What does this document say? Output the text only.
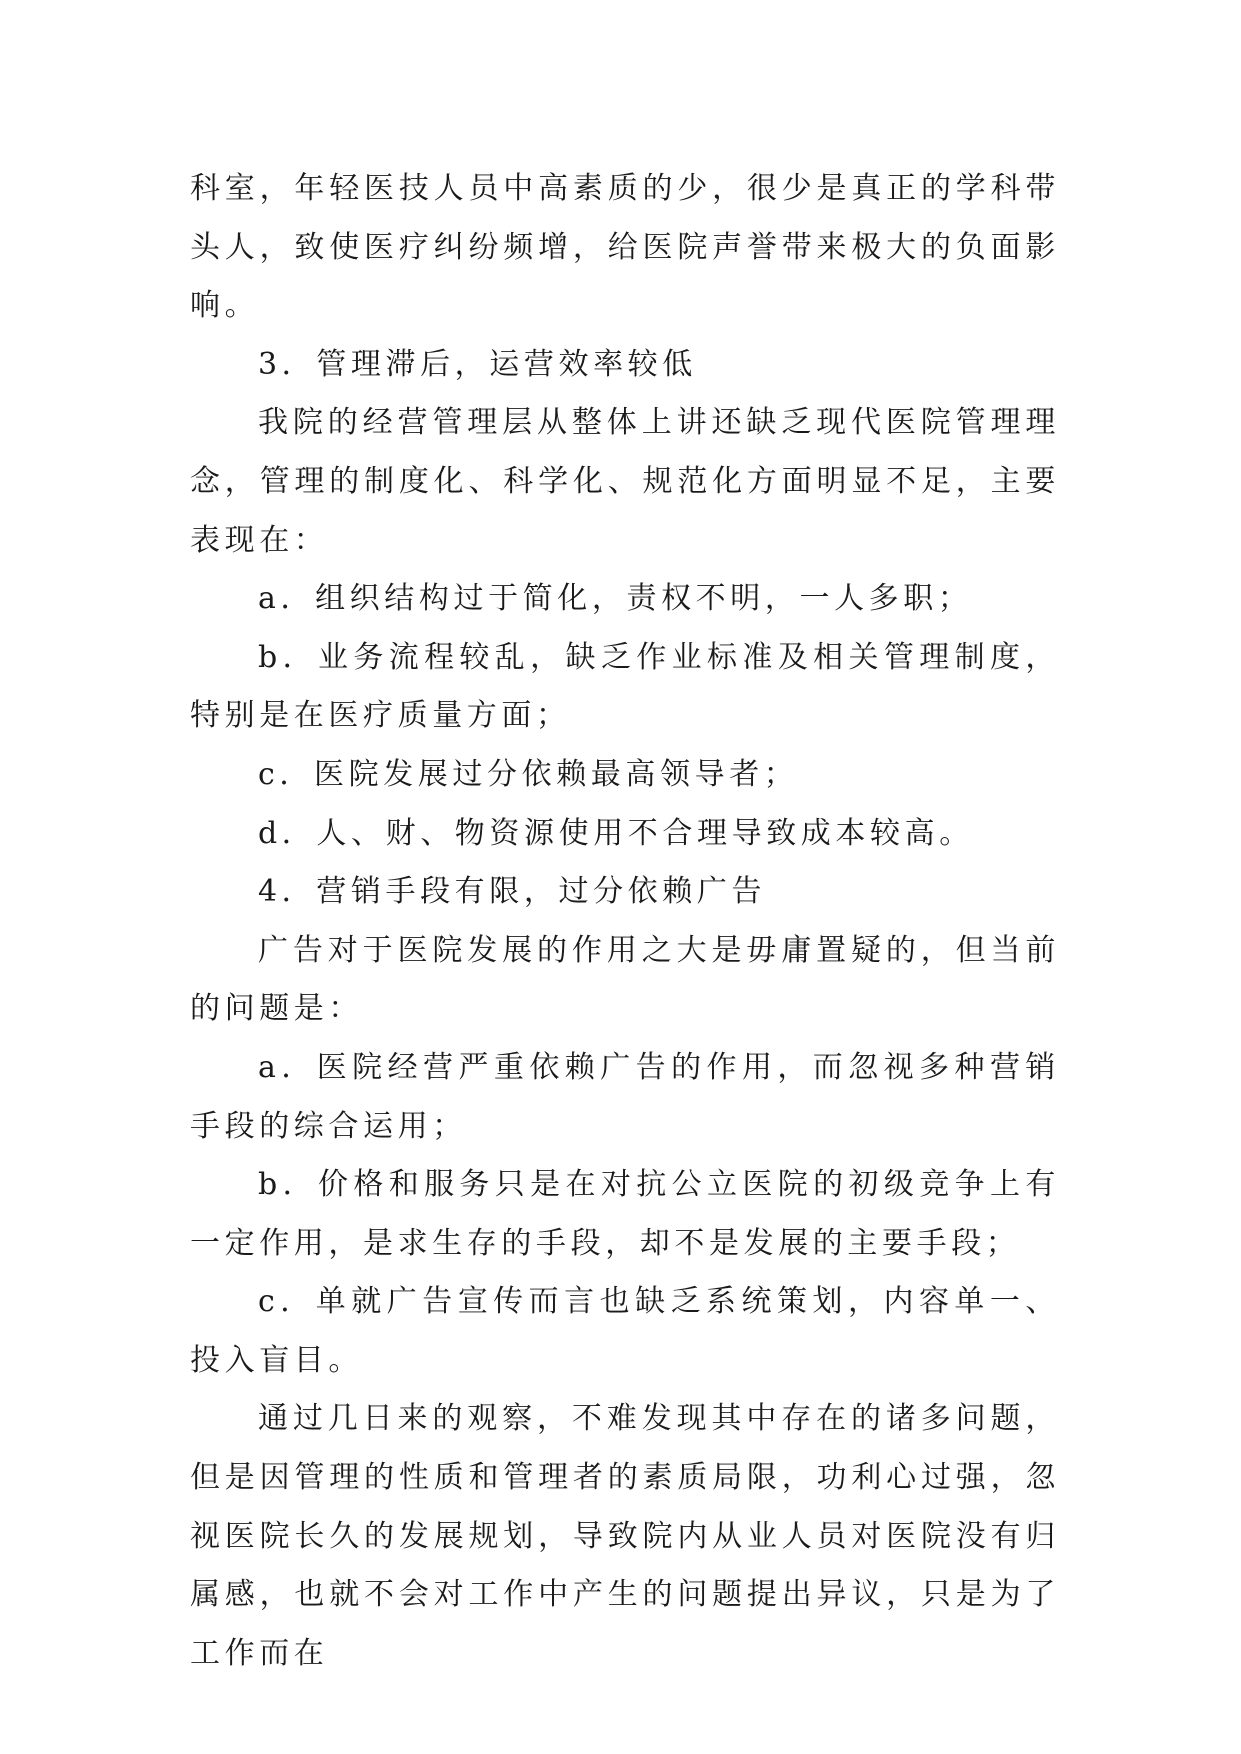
科室，年轻医技人员中高素质的少，很少是真正的学科带头人，致使医疗纠纷频增，给医院声誉带来极大的负面影响。

3．管理滞后，运营效率较低

我院的经营管理层从整体上讲还缺乏现代医院管理理念，管理的制度化、科学化、规范化方面明显不足，主要表现在：

a．组织结构过于简化，责权不明，一人多职；

b．业务流程较乱，缺乏作业标准及相关管理制度，特别是在医疗质量方面；

c．医院发展过分依赖最高领导者；

d．人、财、物资源使用不合理导致成本较高。

4．营销手段有限，过分依赖广告

广告对于医院发展的作用之大是毋庸置疑的，但当前的问题是：

a．医院经营严重依赖广告的作用，而忽视多种营销手段的综合运用；

b．价格和服务只是在对抗公立医院的初级竞争上有一定作用，是求生存的手段，却不是发展的主要手段；

c．单就广告宣传而言也缺乏系统策划，内容单一、投入盲目。

通过几日来的观察，不难发现其中存在的诸多问题，但是因管理的性质和管理者的素质局限，功利心过强，忽视医院长久的发展规划，导致院内从业人员对医院没有归属感，也就不会对工作中产生的问题提出异议，只是为了工作而在
